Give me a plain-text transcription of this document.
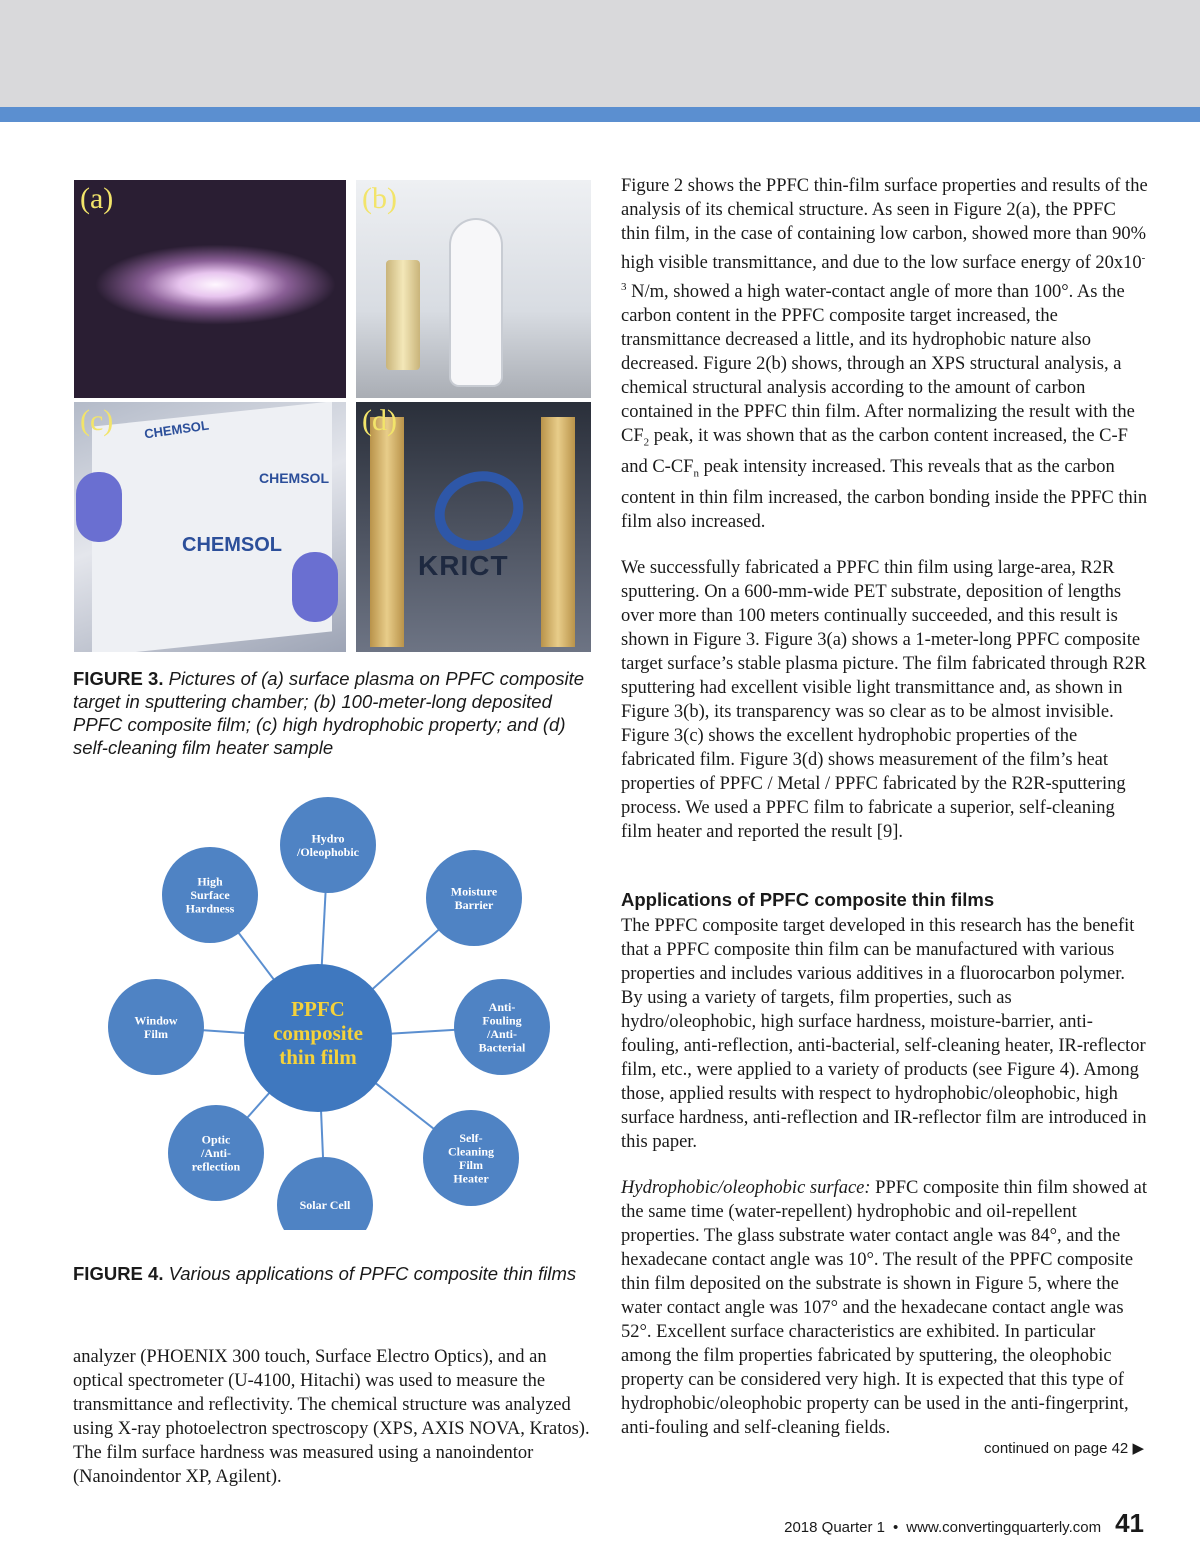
(a)	(b)
CHEMSOL
CHEMSOL
CHEMSOL
(c)
KRICT
(d)

FIGURE 3. Pictures of (a) surface plasma on PPFC composite target in sputtering chamber; (b) 100-meter-long deposited PPFC composite film; (c) high hydrophobic property; and (d) self-cleaning film heater sample

PPFC
composite
thin film
Hydro
/Oleophobic
Moisture
Barrier
Anti-
Fouling
/Anti-
Bacterial
Self-
Cleaning
Film
Heater
Solar Cell
Optic
/Anti-
reflection
Window
Film
High
Surface
Hardness

FIGURE 4. Various applications of PPFC composite thin films

analyzer (PHOENIX 300 touch, Surface Electro Optics), and an optical spectrometer (U-4100, Hitachi) was used to measure the transmittance and reflectivity. The chemical structure was analyzed using X-ray photoelectron spectroscopy (XPS, AXIS NOVA, Kratos). The film surface hardness was measured using a nanoindentor (Nanoindentor XP, Agilent).

Figure 2 shows the PPFC thin-film surface properties and results of the analysis of its chemical structure. As seen in Figure 2(a), the PPFC thin film, in the case of containing low carbon, showed more than 90% high visible transmittance, and due to the low surface energy of $20x10^{-3}$ N/m, showed a high water-contact angle of more than 100°. As the carbon content in the PPFC composite target increased, the transmittance decreased a little, and its hydrophobic nature also decreased. Figure 2(b) shows, through an XPS structural analysis, a chemical structural analysis according to the amount of carbon contained in the PPFC thin film. After normalizing the result with the $CF_2$ peak, it was shown that as the carbon content increased, the C-F and $C-CF_n$ peak intensity increased. This reveals that as the carbon content in thin film increased, the carbon bonding inside the PPFC thin film also increased.

We successfully fabricated a PPFC thin film using large-area, R2R sputtering. On a 600-mm-wide PET substrate, deposition of lengths over more than 100 meters continually succeeded, and this result is shown in Figure 3. Figure 3(a) shows a 1-meter-long PPFC composite target surface’s stable plasma picture. The film fabricated through R2R sputtering had excellent visible light transmittance and, as shown in Figure 3(b), its transparency was so clear as to be almost invisible. Figure 3(c) shows the excellent hydrophobic properties of the fabricated film. Figure 3(d) shows measurement of the film’s heat properties of PPFC / Metal / PPFC fabricated by the R2R-sputtering process. We used a PPFC film to fabricate a superior, self-cleaning film heater and reported the result [9].

Applications of PPFC composite thin films

The PPFC composite target developed in this research has the benefit that a PPFC composite thin film can be manufactured with various properties and includes various additives in a fluorocarbon polymer. By using a variety of targets, film properties, such as hydro/oleophobic, high surface hardness, moisture-barrier, anti-fouling, anti-reflection, anti-bacterial, self-cleaning heater, IR-reflector film, etc., were applied to a variety of products (see Figure 4). Among those, applied results with respect to hydrophobic/oleophobic, high surface hardness, anti-reflection and IR-reflector film are introduced in this paper.

Hydrophobic/oleophobic surface: PPFC composite thin film showed at the same time (water-repellent) hydrophobic and oil-repellent properties. The glass substrate water contact angle was 84°, and the hexadecane contact angle was 10°. The result of the PPFC composite thin film deposited on the substrate is shown in Figure 5, where the water contact angle was 107° and the hexadecane contact angle was 52°. Excellent surface characteristics are exhibited. In particular among the film properties fabricated by sputtering, the oleophobic property can be considered very high. It is expected that this type of hydrophobic/oleophobic property can be used in the anti-fingerprint, anti-fouling and self-cleaning fields.

continued on page 42 ▶
2018 Quarter 1 • www.convertingquarterly.com 41
